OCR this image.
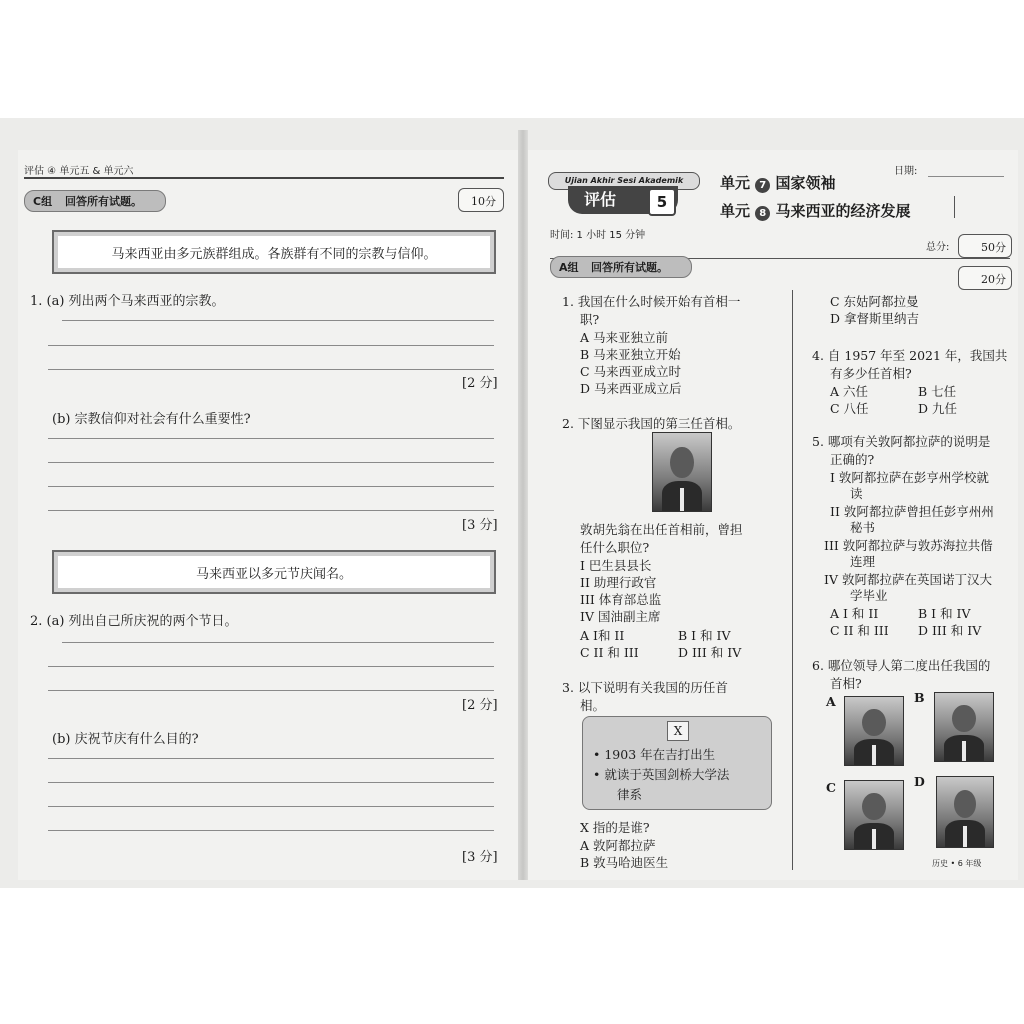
评估 ④ 单元五 & 单元六
C组 回答所有试题。	10分
马来西亚由多元族群组成。各族群有不同的宗教与信仰。
1. (a) 列出两个马来西亚的宗教。
[2 分]
(b) 宗教信仰对社会有什么重要性?
[3 分]
马来西亚以多元节庆闻名。
2. (a) 列出自己所庆祝的两个节日。
[2 分]
(b) 庆祝节庆有什么目的?
[3 分]
日期:
Ujian Akhir Sesi Akademik
评估	5
单元 7 国家领袖
单元 8 马来西亚的经济发展
时间: 1 小时 15 分钟
总分:	50分
A组 回答所有试题。
20分
1. 我国在什么时候开始有首相一
职?
A 马来亚独立前
B 马来亚独立开始
C 马来西亚成立时
D 马来西亚成立后
2. 下图显示我国的第三任首相。
敦胡先翁在出任首相前，曾担
任什么职位?
I 巴生县县长
II 助理行政官
III 体育部总监
IV 国油副主席
A I和 II	B I 和 IV
C II 和 III	D III 和 IV
3. 以下说明有关我国的历任首
相。
X
• 1903 年在吉打出生
• 就读于英国剑桥大学法
律系
X 指的是谁?
A 敦阿都拉萨
B 敦马哈迪医生
C 东姑阿都拉曼
D 拿督斯里纳吉
4. 自 1957 年至 2021 年，我国共
有多少任首相?
A 六任	B 七任
C 八任	D 九任
5. 哪项有关敦阿都拉萨的说明是
正确的?
I 敦阿都拉萨在彭亨州学校就
读
II 敦阿都拉萨曾担任彭亨州州
秘书
III 敦阿都拉萨与敦苏海拉共偕
连理
IV 敦阿都拉萨在英国诺丁汉大
学毕业
A I 和 II	B I 和 IV
C II 和 III D III 和 IV
6. 哪位领导人第二度出任我国的
首相?
A	B
C	D
历史 • 6 年级
